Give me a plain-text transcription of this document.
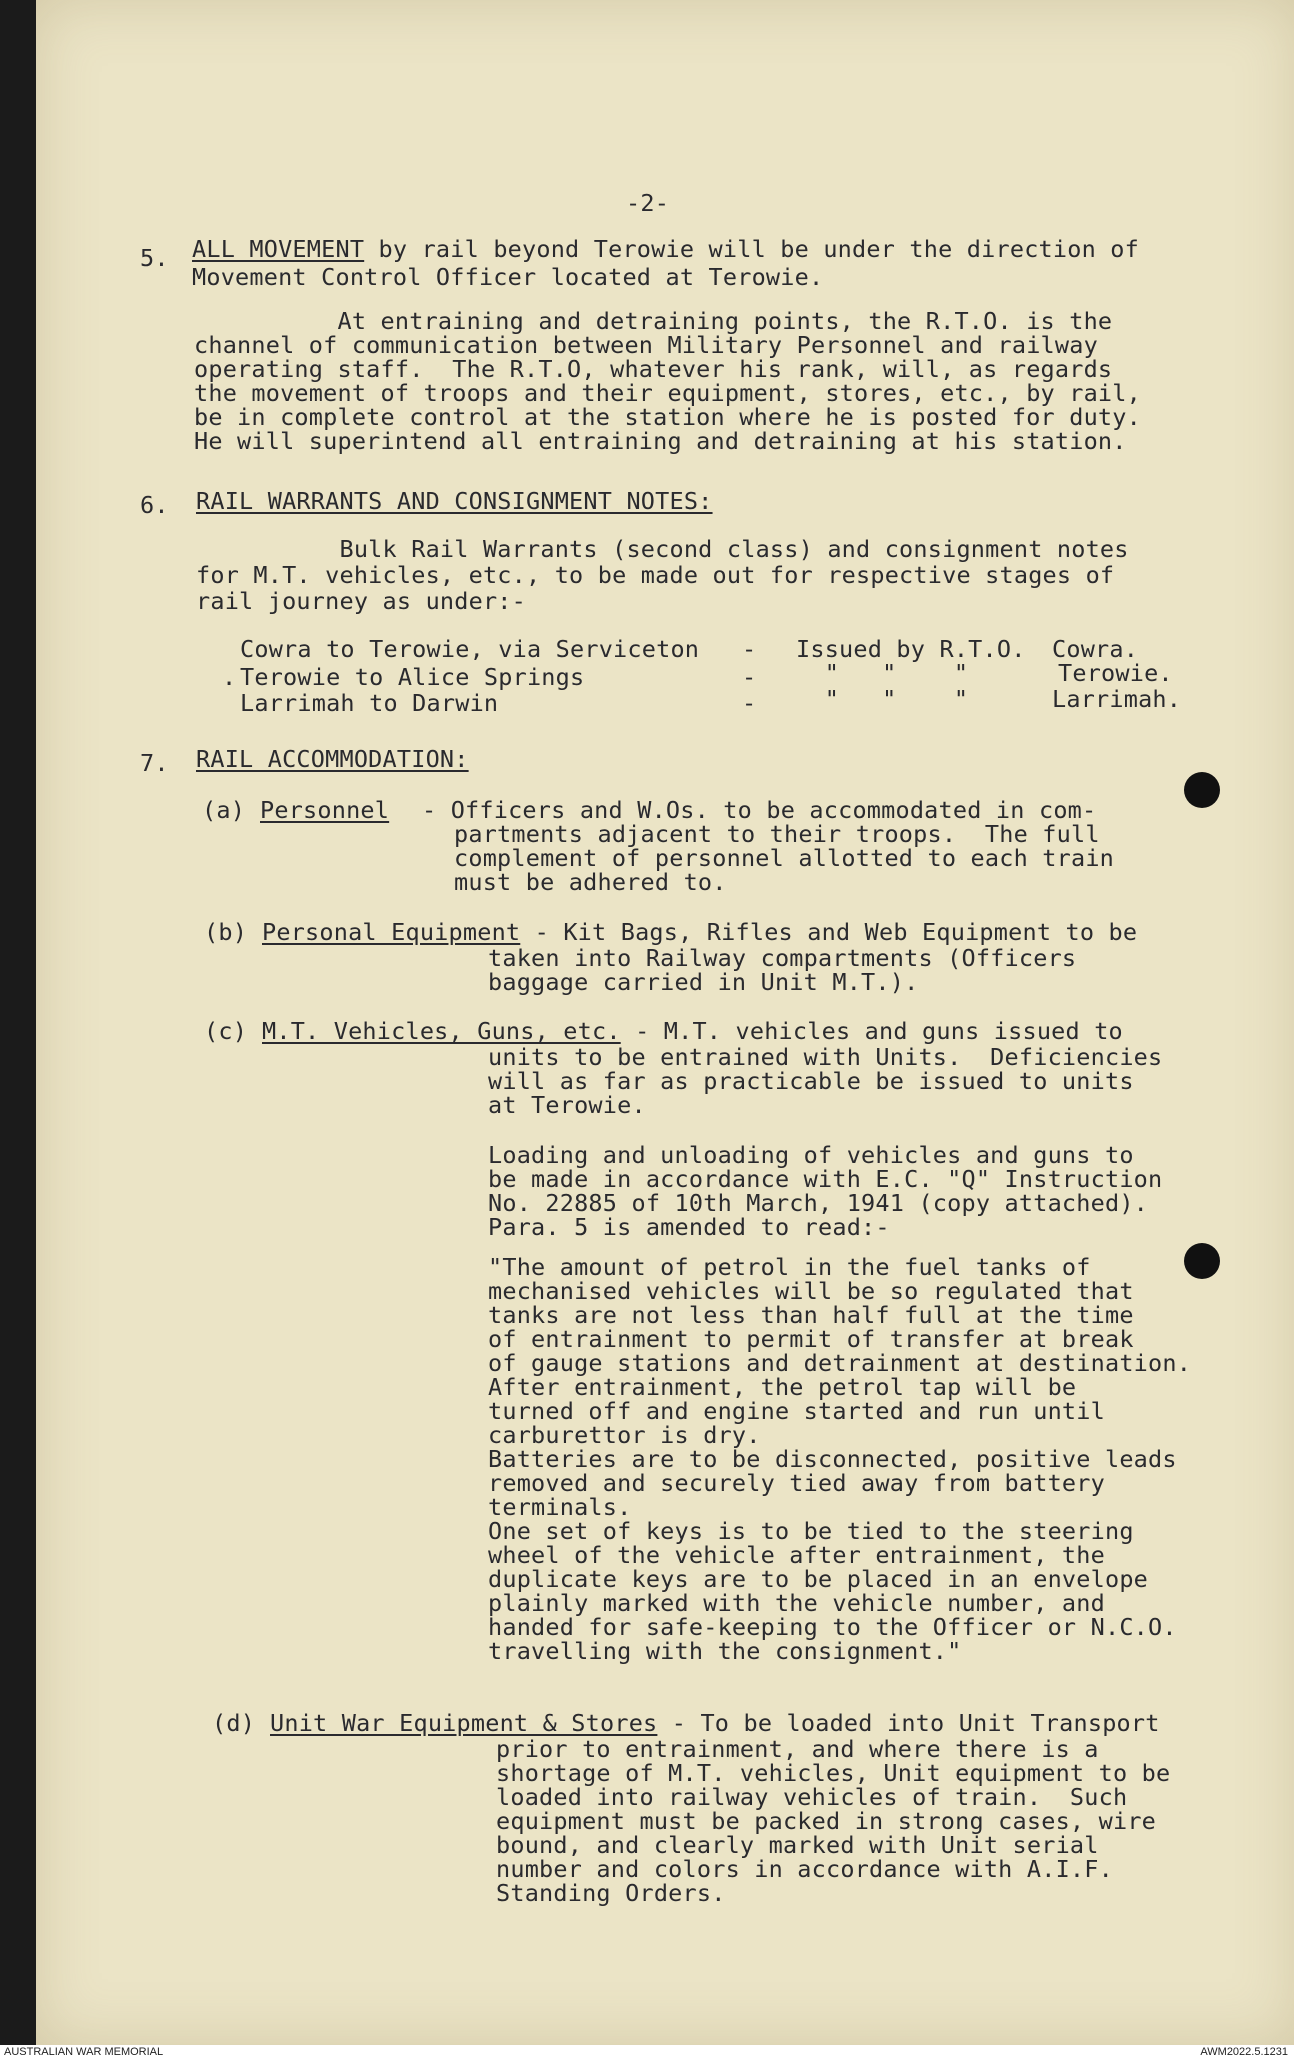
-2-
5. ALL MOVEMENT by rail beyond Terowie will be under the direction of
Movement Control Officer located at Terowie.
At entraining and detraining points, the R.T.O. is the
channel of communication between Military Personnel and railway
operating staff.  The R.T.O, whatever his rank, will, as regards
the movement of troops and their equipment, stores, etc., by rail,
be in complete control at the station where he is posted for duty.
He will superintend all entraining and detraining at his station.
6. RAIL WARRANTS AND CONSIGNMENT NOTES:
Bulk Rail Warrants (second class) and consignment notes
for M.T. vehicles, etc., to be made out for respective stages of
rail journey as under:-
Cowra to Terowie, via Serviceton - Issued by R.T.O. Cowra.
. Terowie to Alice Springs	- "   "    "	Terowie.
Larrimah to Darwin	- "   "    "	Larrimah.
7. RAIL ACCOMMODATION:
(a) Personnel - Officers and W.Os. to be accommodated in com-
partments adjacent to their troops.  The full
complement of personnel allotted to each train
must be adhered to.
(b) Personal Equipment - Kit Bags, Rifles and Web Equipment to be
taken into Railway compartments (Officers
baggage carried in Unit M.T.).
(c) M.T. Vehicles, Guns, etc. - M.T. vehicles and guns issued to
units to be entrained with Units.  Deficiencies
will as far as practicable be issued to units
at Terowie.
Loading and unloading of vehicles and guns to
be made in accordance with E.C. "Q" Instruction
No. 22885 of 10th March, 1941 (copy attached).
Para. 5 is amended to read:-
"The amount of petrol in the fuel tanks of
mechanised vehicles will be so regulated that
tanks are not less than half full at the time
of entrainment to permit of transfer at break
of gauge stations and detrainment at destination.
After entrainment, the petrol tap will be
turned off and engine started and run until
carburettor is dry.
Batteries are to be disconnected, positive leads
removed and securely tied away from battery
terminals.
One set of keys is to be tied to the steering
wheel of the vehicle after entrainment, the
duplicate keys are to be placed in an envelope
plainly marked with the vehicle number, and
handed for safe-keeping to the Officer or N.C.O.
travelling with the consignment."
(d) Unit War Equipment & Stores - To be loaded into Unit Transport
prior to entrainment, and where there is a
shortage of M.T. vehicles, Unit equipment to be
loaded into railway vehicles of train.  Such
equipment must be packed in strong cases, wire
bound, and clearly marked with Unit serial
number and colors in accordance with A.I.F.
Standing Orders.
AUSTRALIAN WAR MEMORIAL	AWM2022.5.1231
